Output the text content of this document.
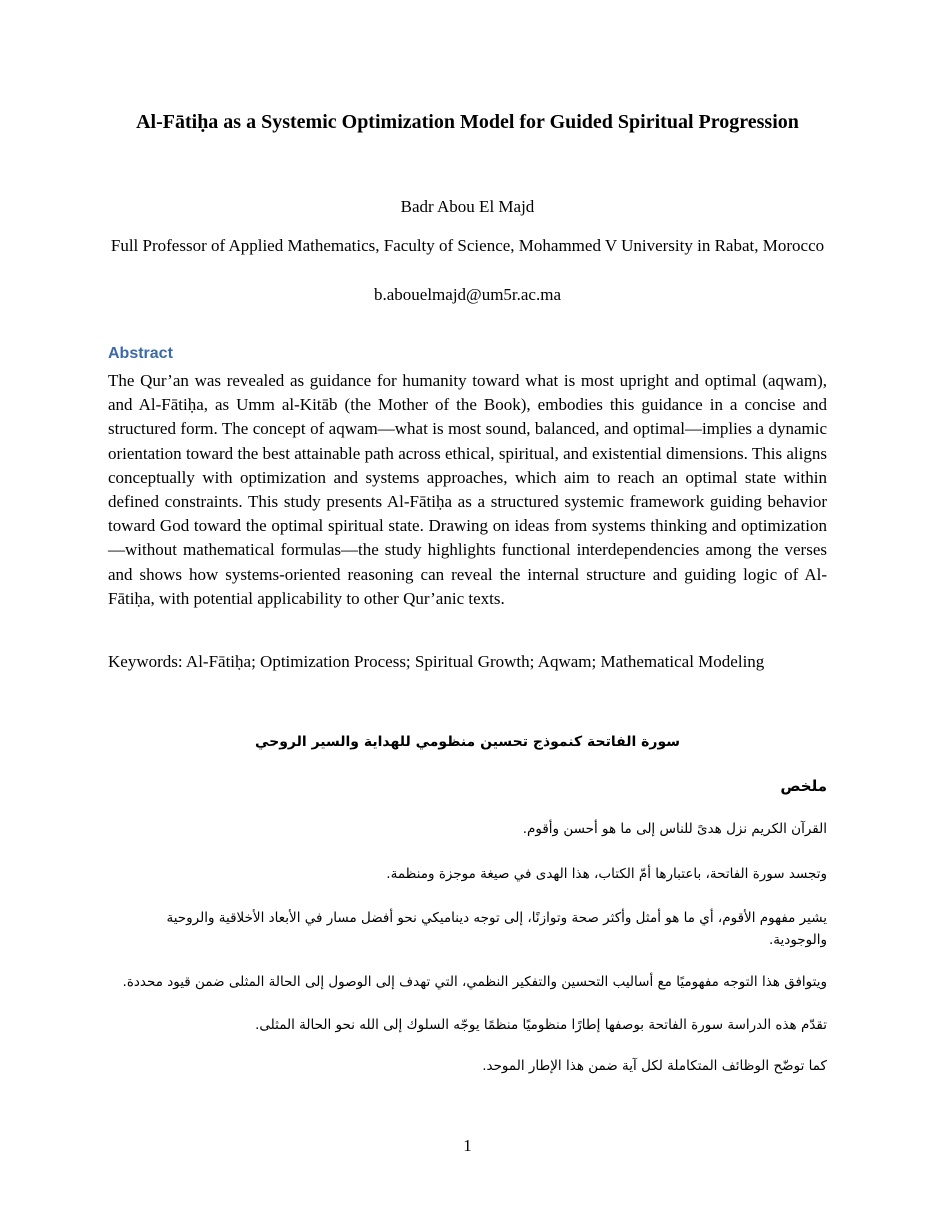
Al-Fātiḥa as a Systemic Optimization Model for Guided Spiritual Progression
Badr Abou El Majd
Full Professor of Applied Mathematics, Faculty of Science, Mohammed V University in Rabat, Morocco
b.abouelmajd@um5r.ac.ma
Abstract
The Qur’an was revealed as guidance for humanity toward what is most upright and optimal (aqwam), and Al-Fātiḥa, as Umm al-Kitāb (the Mother of the Book), embodies this guidance in a concise and structured form. The concept of aqwam—what is most sound, balanced, and optimal—implies a dynamic orientation toward the best attainable path across ethical, spiritual, and existential dimensions. This aligns conceptually with optimization and systems approaches, which aim to reach an optimal state within defined constraints. This study presents Al-Fātiḥa as a structured systemic framework guiding behavior toward God toward the optimal spiritual state. Drawing on ideas from systems thinking and optimization—without mathematical formulas—the study highlights functional interdependencies among the verses and shows how systems-oriented reasoning can reveal the internal structure and guiding logic of Al-Fātiḥa, with potential applicability to other Qur’anic texts.
Keywords: Al-Fātiḥa; Optimization Process; Spiritual Growth; Aqwam; Mathematical Modeling
سورة الفاتحة كنموذج تحسين منظومي للهداية والسير الروحي
ملخص
القرآن الكريم نزل هدىً للناس إلى ما هو أحسن وأقوم.
وتجسد سورة الفاتحة، باعتبارها أمّ الكتاب، هذا الهدى في صيغة موجزة ومنظمة.
يشير مفهوم الأقوم، أي ما هو أمثل وأكثر صحة وتوازنًا، إلى توجه ديناميكي نحو أفضل مسار في الأبعاد الأخلاقية والروحية والوجودية.
ويتوافق هذا التوجه مفهوميًا مع أساليب التحسين والتفكير النظمي، التي تهدف إلى الوصول إلى الحالة المثلى ضمن قيود محددة.
تقدّم هذه الدراسة سورة الفاتحة بوصفها إطارًا منظوميًا منظمًا يوجّه السلوك إلى الله نحو الحالة المثلى.
كما توضّح الوظائف المتكاملة لكل آية ضمن هذا الإطار الموحد.
1
